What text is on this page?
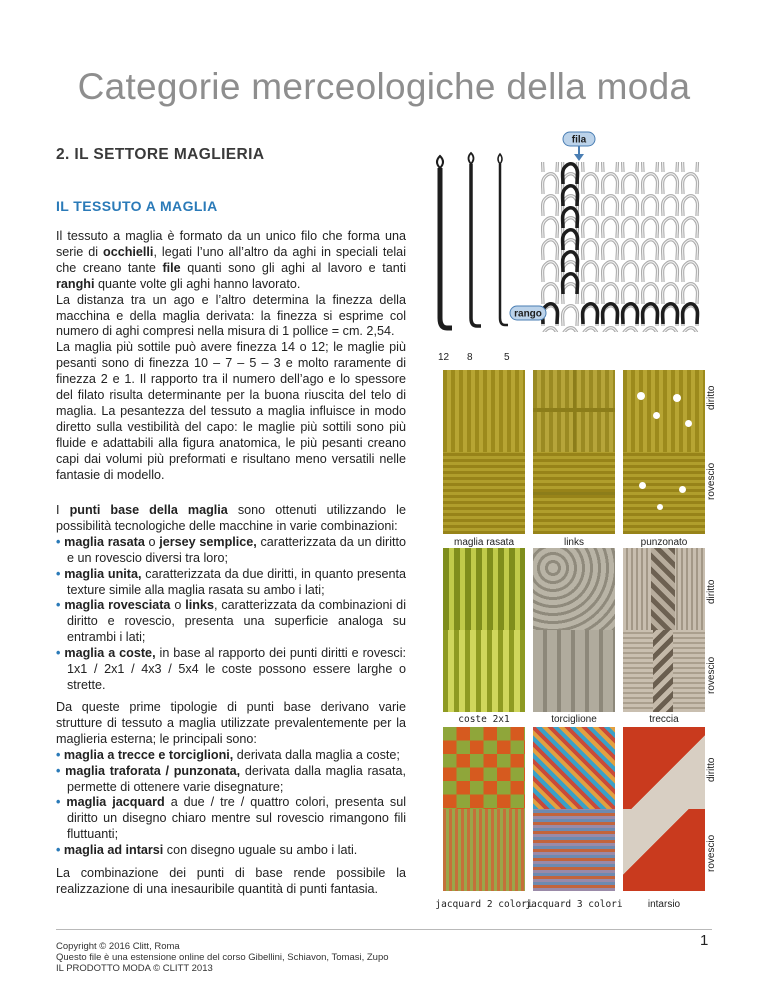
Categorie merceologiche della moda
2. IL SETTORE MAGLIERIA
IL TESSUTO A MAGLIA

Il tessuto a maglia è formato da un unico filo che forma una serie di occhielli, legati l’uno all’altro da aghi in speciali telai che creano tante file quanti sono gli aghi al lavoro e tanti ranghi quante volte gli aghi hanno lavorato.
La distanza tra un ago e l’altro determina la finezza della macchina e della maglia derivata: la finezza si esprime col numero di aghi compresi nella misura di 1 pollice = cm. 2,54.
La maglia più sottile può avere finezza 14 o 12; le maglie più pesanti sono di finezza 10 – 7 – 5 – 3 e molto raramente di finezza 2 e 1. Il rapporto tra il numero dell’ago e lo spessore del filato risulta determinante per la buona riuscita del telo di maglia. La pesantezza del tessuto a maglia influisce in modo diretto sulla vestibilità del capo: le maglie più sottili sono più fluide e adattabili alla figura anatomica, le più pesanti creano capi dai volumi più preformati e risultano meno versatili nelle fantasie di modello.

I punti base della maglia sono ottenuti utilizzando le possibilità tecnologiche delle macchine in varie combinazioni:
• maglia rasata o jersey semplice, caratterizzata da un diritto e un rovescio diversi tra loro;
• maglia unita, caratterizzata da due diritti, in quanto presenta texture simile alla maglia rasata su ambo i lati;
• maglia rovesciata o links, caratterizzata da combinazioni di diritto e rovescio, presenta una superficie analoga su entrambi i lati;
• maglia a coste, in base al rapporto dei punti diritti e rovesci: 1x1 / 2x1 / 4x3 / 5x4 le coste possono essere larghe o strette.

Da queste prime tipologie di punti base derivano varie strutture di tessuto a maglia utilizzate prevalentemente per la maglieria esterna; le principali sono:
• maglia a trecce e torciglioni, derivata dalla maglia a coste;
• maglia traforata / punzonata, derivata dalla maglia rasata, permette di ottenere varie disegnature;
• maglia jacquard a due / tre / quattro colori, presenta sul diritto un disegno chiaro mentre sul rovescio rimangono fili fluttuanti;
• maglia ad intarsi con disegno uguale su ambo i lati.

La combinazione dei punti di base rende possibile la realizzazione di una inesauribile quantità di punti fantasia.

fila
rango
12 8	5
diritto
rovescio
maglia rasata	links	punzonato
diritto
rovescio
coste 2x1	torciglione	treccia
diritto
rovescio
jacquard 2 colori
jacquard 3 colori	intarsio
Copyright © 2016 Clitt, Roma
Questo file è una estensione online del corso Gibellini, Schiavon, Tomasi, Zupo
IL PRODOTTO MODA © CLITT 2013
1
